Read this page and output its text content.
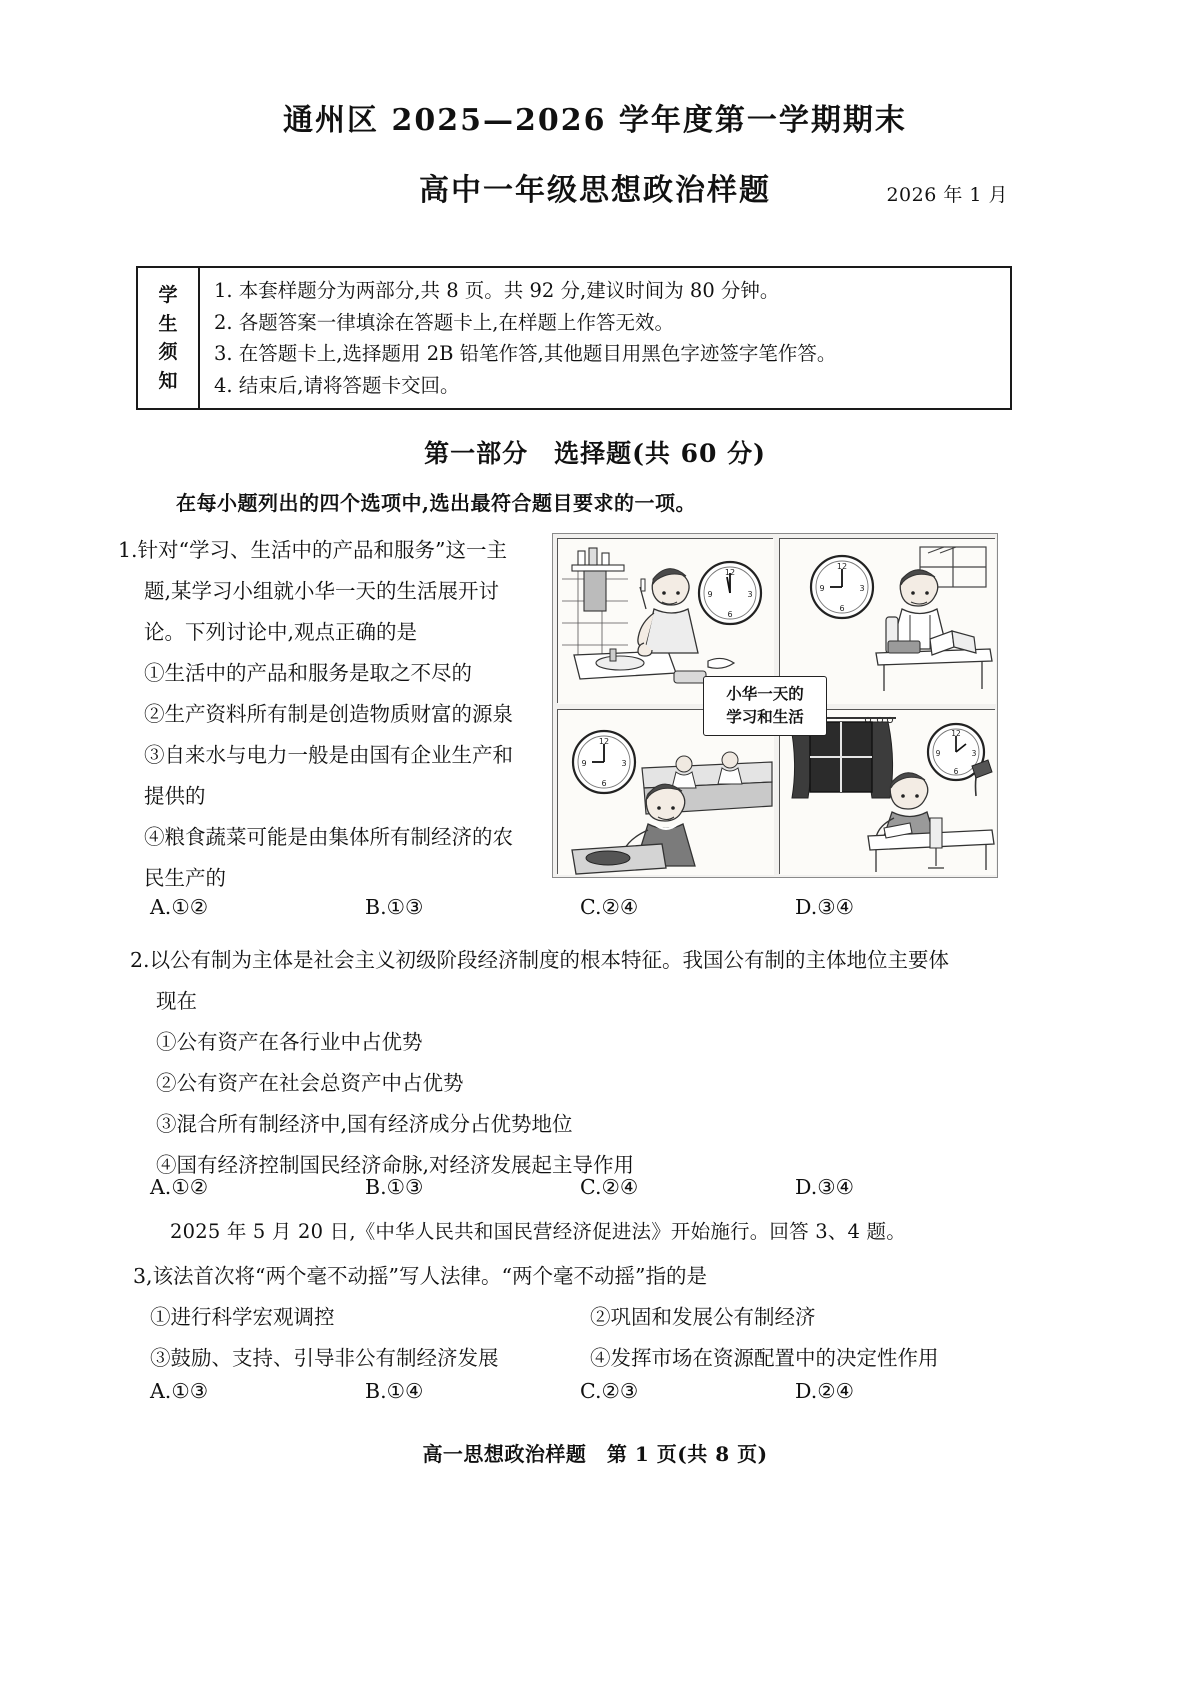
通州区 2025—2026 学年度第一学期期末
高中一年级思想政治样题	2026 年 1 月
学
生
须
知
1. 本套样题分为两部分,共 8 页。共 92 分,建议时间为 80 分钟。
2. 各题答案一律填涂在答题卡上,在样题上作答无效。
3. 在答题卡上,选择题用 2B 铅笔作答,其他题目用黑色字迹签字笔作答。
4. 结束后,请将答题卡交回。
第一部分　选择题(共 60 分)
在每小题列出的四个选项中,选出最符合题目要求的一项。
1.针对“学习、生活中的产品和服务”这一主
题,某学习小组就小华一天的生活展开讨
论。下列讨论中,观点正确的是
①生活中的产品和服务是取之不尽的
②生产资料所有制是创造物质财富的源泉
③自来水与电力一般是由国有企业生产和
提供的
④粮食蔬菜可能是由集体所有制经济的农
民生产的
12
3
6
9
12
3
6
9
12
3
6
9
12
3
6
9
小华一天的
学习和生活
A.①②	B.①③	C.②④	D.③④
2.以公有制为主体是社会主义初级阶段经济制度的根本特征。我国公有制的主体地位主要体
现在
①公有资产在各行业中占优势
②公有资产在社会总资产中占优势
③混合所有制经济中,国有经济成分占优势地位
④国有经济控制国民经济命脉,对经济发展起主导作用
A.①②	B.①③	C.②④	D.③④
2025 年 5 月 20 日,《中华人民共和国民营经济促进法》开始施行。回答 3、4 题。
3,该法首次将“两个毫不动摇”写人法律。“两个毫不动摇”指的是
①进行科学宏观调控	②巩固和发展公有制经济
③鼓励、支持、引导非公有制经济发展	④发挥市场在资源配置中的决定性作用
A.①③	B.①④	C.②③	D.②④
高一思想政治样题　第 1 页(共 8 页)
